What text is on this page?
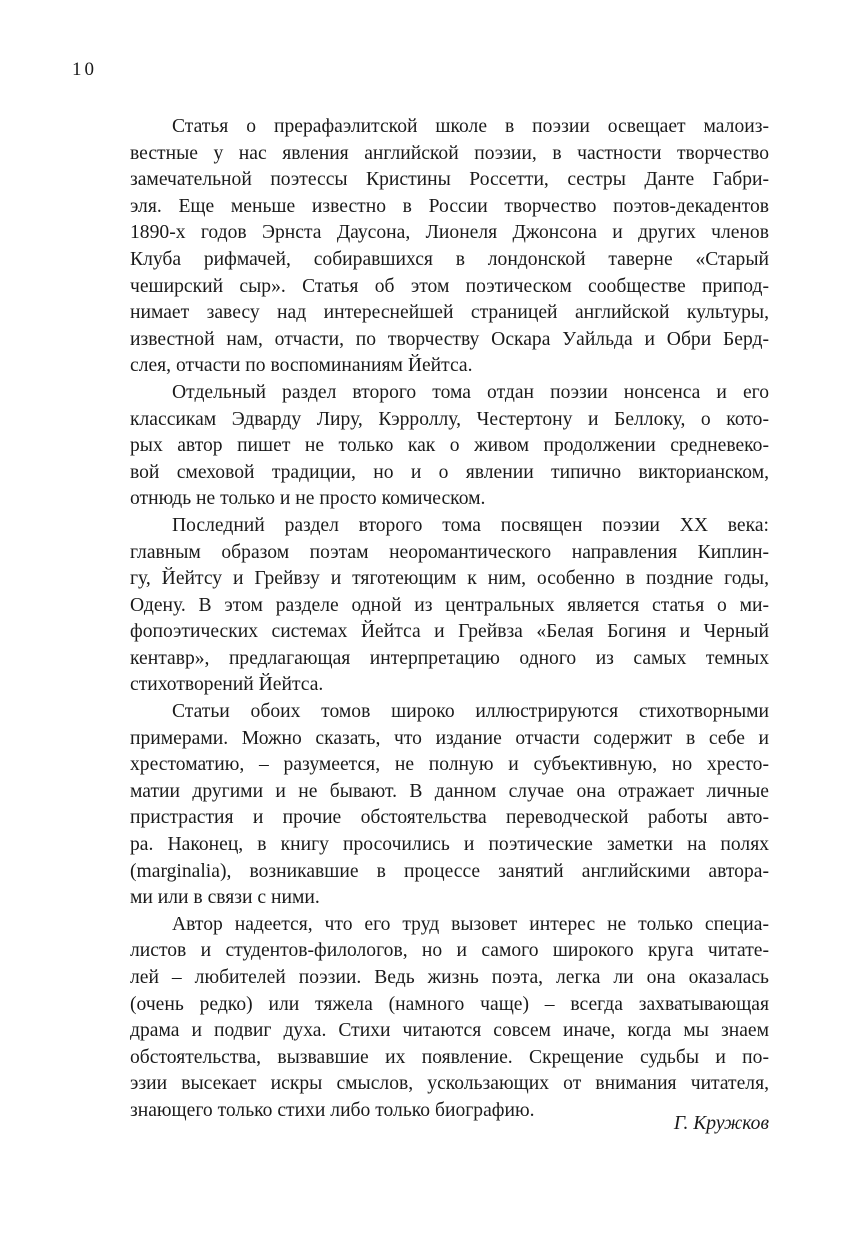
10
Статья о прерафаэлитской школе в поэзии освещает малоиз-
вестные у нас явления английской поэзии, в частности творчество
замечательной поэтессы Кристины Россетти, сестры Данте Габри-
эля. Еще меньше известно в России творчество поэтов-декадентов
1890-х годов Эрнста Даусона, Лионеля Джонсона и других членов
Клуба рифмачей, собиравшихся в лондонской таверне «Старый
чеширский сыр». Статья об этом поэтическом сообществе припод-
нимает завесу над интереснейшей страницей английской культуры,
известной нам, отчасти, по творчеству Оскара Уайльда и Обри Берд-
слея, отчасти по воспоминаниям Йейтса.
Отдельный раздел второго тома отдан поэзии нонсенса и его
классикам Эдварду Лиру, Кэрроллу, Честертону и Беллоку, о кото-
рых автор пишет не только как о живом продолжении средневеко-
вой смеховой традиции, но и о явлении типично викторианском,
отнюдь не только и не просто комическом.
Последний раздел второго тома посвящен поэзии XX века:
главным образом поэтам неоромантического направления Киплин-
гу, Йейтсу и Грейвзу и тяготеющим к ним, особенно в поздние годы,
Одену. В этом разделе одной из центральных является статья о ми-
фопоэтических системах Йейтса и Грейвза «Белая Богиня и Черный
кентавр», предлагающая интерпретацию одного из самых темных
стихотворений Йейтса.
Статьи обоих томов широко иллюстрируются стихотворными
примерами. Можно сказать, что издание отчасти содержит в себе и
хрестоматию, – разумеется, не полную и субъективную, но хресто-
матии другими и не бывают. В данном случае она отражает личные
пристрастия и прочие обстоятельства переводческой работы авто-
ра. Наконец, в книгу просочились и поэтические заметки на полях
(marginalia), возникавшие в процессе занятий английскими автора-
ми или в связи с ними.
Автор надеется, что его труд вызовет интерес не только специа-
листов и студентов-филологов, но и самого широкого круга читате-
лей – любителей поэзии. Ведь жизнь поэта, легка ли она оказалась
(очень редко) или тяжела (намного чаще) – всегда захватывающая
драма и подвиг духа. Стихи читаются совсем иначе, когда мы знаем
обстоятельства, вызвавшие их появление. Скрещение судьбы и по-
эзии высекает искры смыслов, ускользающих от внимания читателя,
знающего только стихи либо только биографию.
Г. Кружков
